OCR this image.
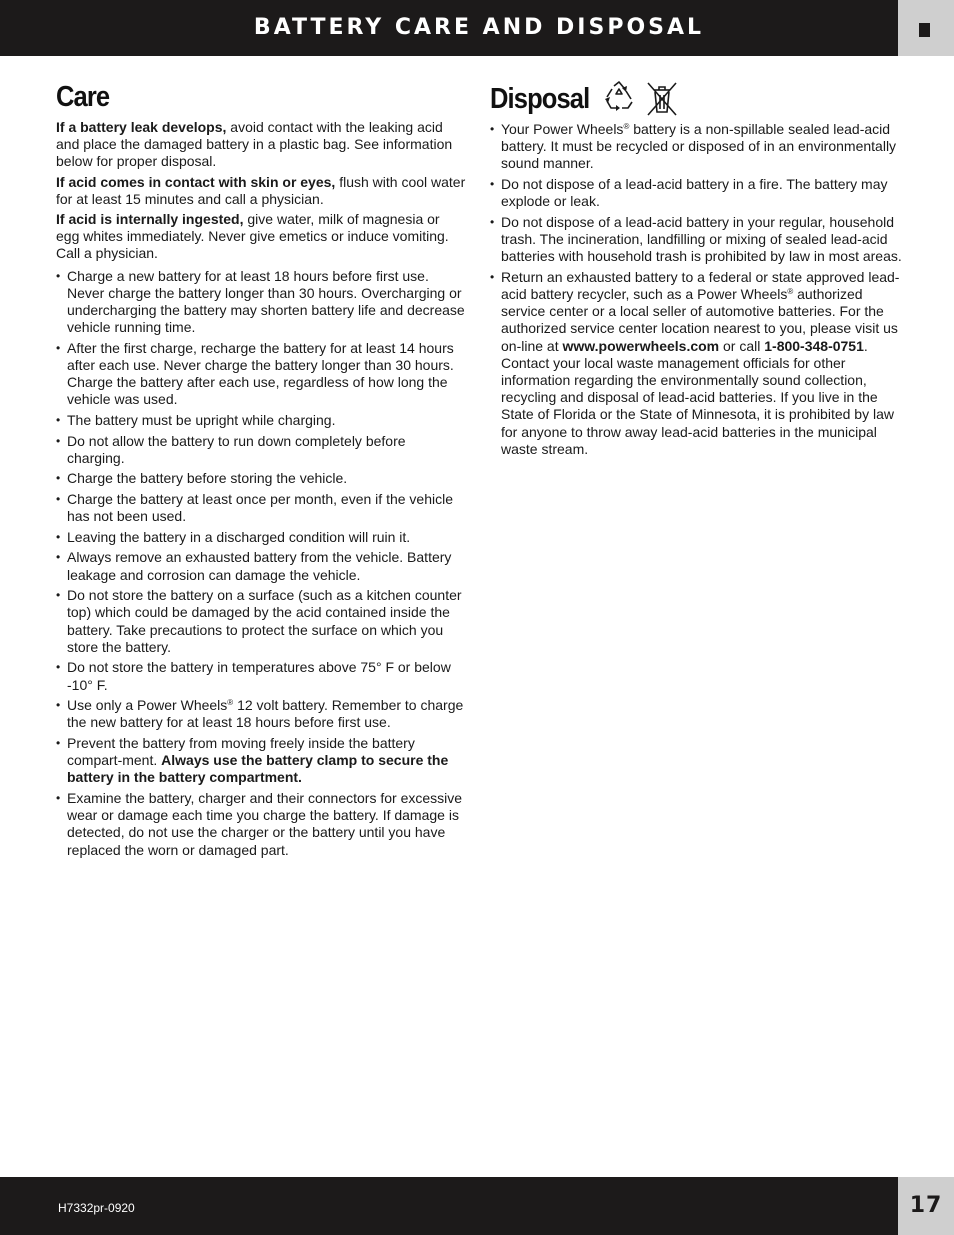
BATTERY CARE AND DISPOSAL
Care

If a battery leak develops, avoid contact with the leaking acid and place the damaged battery in a plastic bag. See information below for proper disposal.

If acid comes in contact with skin or eyes, flush with cool water for at least 15 minutes and call a physician.

If acid is internally ingested, give water, milk of magnesia or egg whites immediately. Never give emetics or induce vomiting. Call a physician.

• Charge a new battery for at least 18 hours before first use. Never charge the battery longer than 30 hours. Overcharging or undercharging the battery may shorten battery life and decrease vehicle running time.
• After the first charge, recharge the battery for at least 14 hours after each use. Never charge the battery longer than 30 hours. Charge the battery after each use, regardless of how long the vehicle was used.
• The battery must be upright while charging.
• Do not allow the battery to run down completely before charging.
• Charge the battery before storing the vehicle.
• Charge the battery at least once per month, even if the vehicle has not been used.
• Leaving the battery in a discharged condition will ruin it.
• Always remove an exhausted battery from the vehicle. Battery leakage and corrosion can damage the vehicle.
• Do not store the battery on a surface (such as a kitchen counter top) which could be damaged by the acid contained inside the battery. Take precautions to protect the surface on which you store the battery.
• Do not store the battery in temperatures above 75° F or below -10° F.
• Use only a Power Wheels® 12 volt battery. Remember to charge the new battery for at least 18 hours before first use.
• Prevent the battery from moving freely inside the battery compart-ment. Always use the battery clamp to secure the battery in the battery compartment.
• Examine the battery, charger and their connectors for excessive wear or damage each time you charge the battery. If damage is detected, do not use the charger or the battery until you have replaced the worn or damaged part.
Disposal
• Your Power Wheels® battery is a non-spillable sealed lead-acid battery. It must be recycled or disposed of in an environmentally sound manner.
• Do not dispose of a lead-acid battery in a fire. The battery may explode or leak.
• Do not dispose of a lead-acid battery in your regular, household trash. The incineration, landfilling or mixing of sealed lead-acid batteries with household trash is prohibited by law in most areas.
• Return an exhausted battery to a federal or state approved lead-acid battery recycler, such as a Power Wheels® authorized service center or a local seller of automotive batteries. For the authorized service center location nearest to you, please visit us on-line at www.powerwheels.com or call 1-800-348-0751. Contact your local waste management officials for other information regarding the environmentally sound collection, recycling and disposal of lead-acid batteries. If you live in the State of Florida or the State of Minnesota, it is prohibited by law for anyone to throw away lead-acid batteries in the municipal waste stream.
H7332pr-0920	17
